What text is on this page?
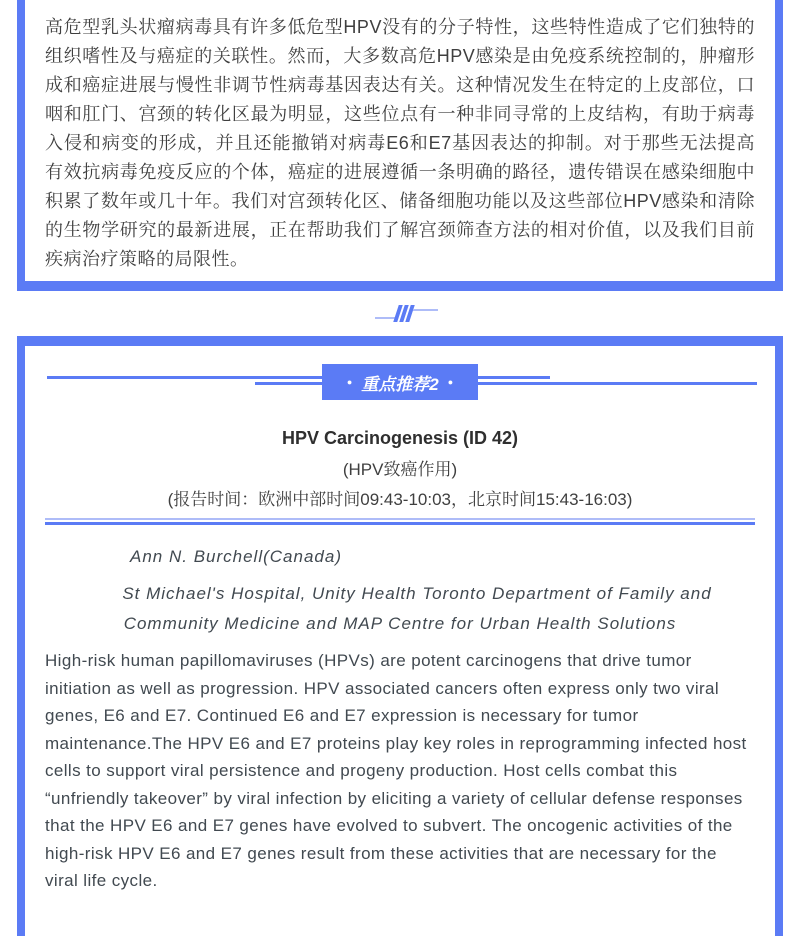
高危型乳头状瘤病毒具有许多低危型HPV没有的分子特性，这些特性造成了它们独特的组织嗜性及与癌症的关联性。然而，大多数高危HPV感染是由免疫系统控制的，肿瘤形成和癌症进展与慢性非调节性病毒基因表达有关。这种情况发生在特定的上皮部位，口咽和肛门、宫颈的转化区最为明显，这些位点有一种非同寻常的上皮结构，有助于病毒入侵和病变的形成，并且还能撤销对病毒E6和E7基因表达的抑制。对于那些无法提高有效抗病毒免疫反应的个体，癌症的进展遵循一条明确的路径，遗传错误在感染细胞中积累了数年或几十年。我们对宫颈转化区、储备细胞功能以及这些部位HPV感染和清除的生物学研究的最新进展，正在帮助我们了解宫颈筛查方法的相对价值，以及我们目前疾病治疗策略的局限性。

● 重点推荐2 ●
HPV Carcinogenesis (ID 42)

(HPV致癌作用)

(报告时间：欧洲中部时间09:43-10:03，北京时间15:43-16:03)

Ann N. Burchell(Canada)

St Michael's Hospital, Unity Health Toronto Department of Family and Community Medicine and MAP Centre for Urban Health Solutions

High-risk human papillomaviruses (HPVs) are potent carcinogens that drive tumor initiation as well as progression. HPV associated cancers often express only two viral genes, E6 and E7. Continued E6 and E7 expression is necessary for tumor maintenance.The HPV E6 and E7 proteins play key roles in reprogramming infected host cells to support viral persistence and progeny production. Host cells combat this “unfriendly takeover” by viral infection by eliciting a variety of cellular defense responses that the HPV E6 and E7 genes have evolved to subvert. The oncogenic activities of the high-risk HPV E6 and E7 genes result from these activities that are necessary for the viral life cycle.
